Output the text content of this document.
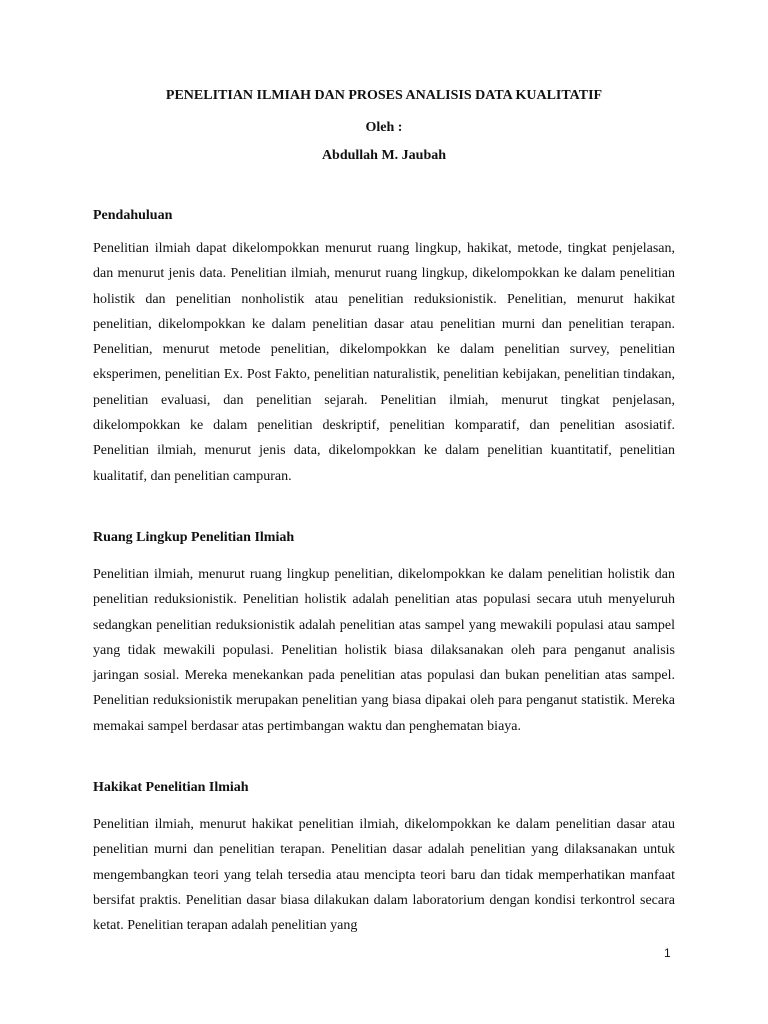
PENELITIAN ILMIAH DAN PROSES ANALISIS DATA KUALITATIF
Oleh :
Abdullah M. Jaubah
Pendahuluan

Penelitian ilmiah dapat dikelompokkan menurut ruang lingkup, hakikat, metode, tingkat penjelasan, dan menurut jenis data. Penelitian ilmiah, menurut ruang lingkup, dikelompokkan ke dalam penelitian holistik dan penelitian nonholistik atau penelitian reduksionistik. Penelitian, menurut hakikat penelitian, dikelompokkan ke dalam penelitian dasar atau penelitian murni dan penelitian terapan. Penelitian, menurut metode penelitian, dikelompokkan ke dalam penelitian survey, penelitian eksperimen, penelitian Ex. Post Fakto, penelitian naturalistik, penelitian kebijakan, penelitian tindakan, penelitian evaluasi, dan penelitian sejarah. Penelitian ilmiah, menurut tingkat penjelasan, dikelompokkan ke dalam penelitian deskriptif, penelitian komparatif, dan penelitian asosiatif. Penelitian ilmiah, menurut jenis data, dikelompokkan ke dalam penelitian kuantitatif, penelitian kualitatif, dan penelitian campuran.

Ruang Lingkup Penelitian Ilmiah

Penelitian ilmiah, menurut ruang lingkup penelitian, dikelompokkan ke dalam penelitian holistik dan penelitian reduksionistik. Penelitian holistik adalah penelitian atas populasi secara utuh menyeluruh sedangkan penelitian reduksionistik adalah penelitian atas sampel yang mewakili populasi atau sampel yang tidak mewakili populasi. Penelitian holistik biasa dilaksanakan oleh para penganut analisis jaringan sosial. Mereka menekankan pada penelitian atas populasi dan bukan penelitian atas sampel. Penelitian reduksionistik merupakan penelitian yang biasa dipakai oleh para penganut statistik. Mereka memakai sampel berdasar atas pertimbangan waktu dan penghematan biaya.

Hakikat Penelitian Ilmiah

Penelitian ilmiah, menurut hakikat penelitian ilmiah, dikelompokkan ke dalam penelitian dasar atau penelitian murni dan penelitian terapan. Penelitian dasar adalah penelitian yang dilaksanakan untuk mengembangkan teori yang telah tersedia atau mencipta teori baru dan tidak memperhatikan manfaat bersifat praktis. Penelitian dasar biasa dilakukan dalam laboratorium dengan kondisi terkontrol secara ketat. Penelitian terapan adalah penelitian yang

1
